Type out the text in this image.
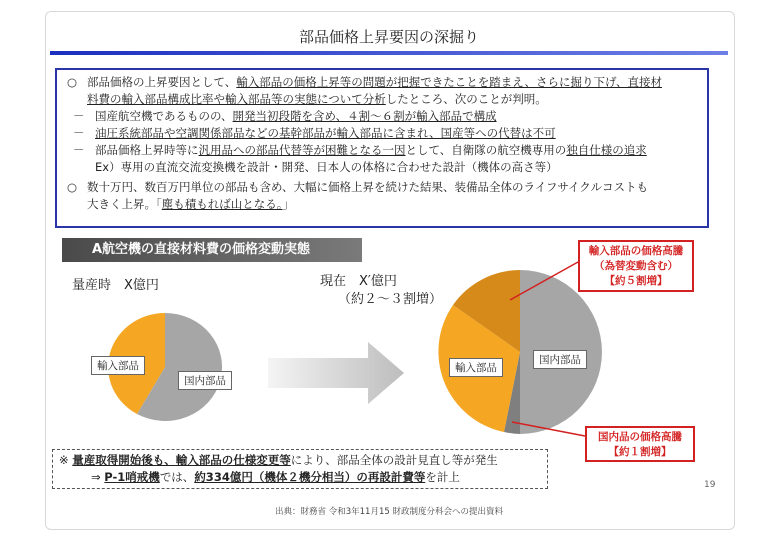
部品価格上昇要因の深掘り
○ 部品価格の上昇要因として、輸入部品の価格上昇等の問題が把握できたことを踏まえ、さらに掘り下げ、直接材
料費の輸入部品構成比率や輸入部品等の実態について分析したところ、次のことが判明。
－ 国産航空機であるものの、開発当初段階を含め、４割～６割が輸入部品で構成
－ 油圧系統部品や空調関係部品などの基幹部品が輸入部品に含まれ、国産等への代替は不可
－ 部品価格上昇時等に汎用品への部品代替等が困難となる一因として、自衛隊の航空機専用の独自仕様の追求
Ex）専用の直流交流変換機を設計・開発、日本人の体格に合わせた設計（機体の高さ等）
○ 数十万円、数百万円単位の部品も含め、大幅に価格上昇を続けた結果、装備品全体のライフサイクルコストも
大きく上昇。「塵も積もれば山となる。」
A航空機の直接材料費の価格変動実態
量産時　X億円	現在　X′億円
（約２～３割増）
輸入部品
国内部品
輸入部品
国内部品
輸入部品の価格高騰
（為替変動含む）
【約５割増】
国内品の価格高騰
【約１割増】
※ 量産取得開始後も、輸入部品の仕様変更等により、部品全体の設計見直し等が発生
⇒ P-1哨戒機では、約334億円（機体２機分相当）の再設計費等を計上
19
出典：財務省 令和3年11月15 財政制度分科会への提出資料
